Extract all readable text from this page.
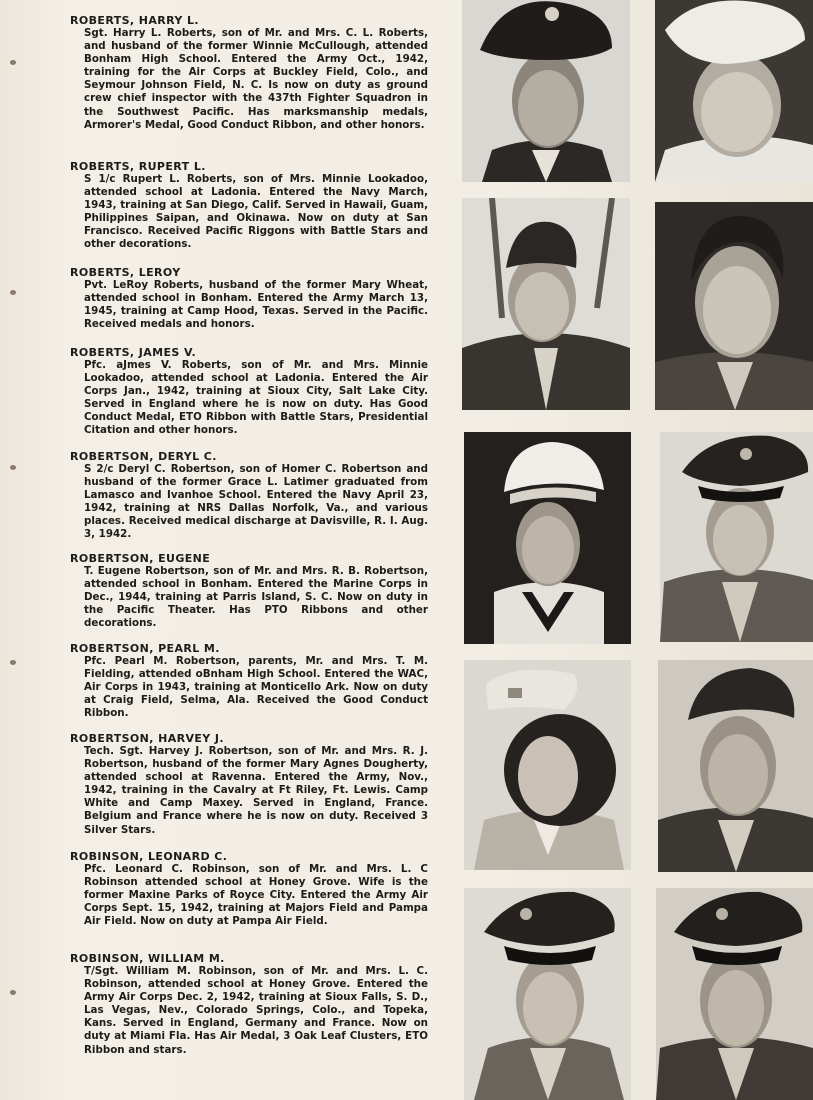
ROBERTS, HARRY L.

Sgt. Harry L. Roberts, son of Mr. and Mrs. C. L. Roberts, and husband of the former Winnie McCullough, attended Bonham High School. Entered the Army Oct., 1942, training for the Air Corps at Buckley Field, Colo., and Seymour Johnson Field, N. C. Is now on duty as ground crew chief inspector with the 437th Fighter Squadron in the Southwest Pacific. Has marksmanship medals, Armorer's Medal, Good Conduct Ribbon, and other honors.

ROBERTS, RUPERT L.

S 1/c Rupert L. Roberts, son of Mrs. Minnie Lookadoo, attended school at Ladonia. Entered the Navy March, 1943, training at San Diego, Calif. Served in Hawaii, Guam, Philippines Saipan, and Okinawa. Now on duty at San Francisco. Received Pacific Riggons with Battle Stars and other decorations.

ROBERTS, LEROY

Pvt. LeRoy Roberts, husband of the former Mary Wheat, attended school in Bonham. Entered the Army March 13, 1945, training at Camp Hood, Texas. Served in the Pacific. Received medals and honors.

ROBERTS, JAMES V.

Pfc. aJmes V. Roberts, son of Mr. and Mrs. Minnie Lookadoo, attended school at Ladonia. Entered the Air Corps Jan., 1942, training at Sioux City, Salt Lake City. Served in England where he is now on duty. Has Good Conduct Medal, ETO Ribbon with Battle Stars, Presidential Citation and other honors.

ROBERTSON, DERYL C.

S 2/c Deryl C. Robertson, son of Homer C. Robertson and husband of the former Grace L. Latimer graduated from Lamasco and Ivanhoe School. Entered the Navy April 23, 1942, training at NRS Dallas Norfolk, Va., and various places. Received medical discharge at Davisville, R. I. Aug. 3, 1942.

ROBERTSON, EUGENE

T. Eugene Robertson, son of Mr. and Mrs. R. B. Robertson, attended school in Bonham. Entered the Marine Corps in Dec., 1944, training at Parris Island, S. C. Now on duty in the Pacific Theater. Has PTO Ribbons and other decorations.

ROBERTSON, PEARL M.

Pfc. Pearl M. Robertson, parents, Mr. and Mrs. T. M. Fielding, attended oBnham High School. Entered the WAC, Air Corps in 1943, training at Monticello Ark. Now on duty at Craig Field, Selma, Ala. Received the Good Conduct Ribbon.

ROBERTSON, HARVEY J.

Tech. Sgt. Harvey J. Robertson, son of Mr. and Mrs. R. J. Robertson, husband of the former Mary Agnes Dougherty, attended school at Ravenna. Entered the Army, Nov., 1942, training in the Cavalry at Ft Riley, Ft. Lewis. Camp White and Camp Maxey. Served in England, France. Belgium and France where he is now on duty. Received 3 Silver Stars.

ROBINSON, LEONARD C.

Pfc. Leonard C. Robinson, son of Mr. and Mrs. L. C Robinson attended school at Honey Grove. Wife is the former Maxine Parks of Royce City. Entered the Army Air Corps Sept. 15, 1942, training at Majors Field and Pampa Air Field. Now on duty at Pampa Air Field.

ROBINSON, WILLIAM M.

T/Sgt. William M. Robinson, son of Mr. and Mrs. L. C. Robinson, attended school at Honey Grove. Entered the Army Air Corps Dec. 2, 1942, training at Sioux Falls, S. D., Las Vegas, Nev., Colorado Springs, Colo., and Topeka, Kans. Served in England, Germany and France. Now on duty at Miami Fla. Has Air Medal, 3 Oak Leaf Clusters, ETO Ribbon and stars.
